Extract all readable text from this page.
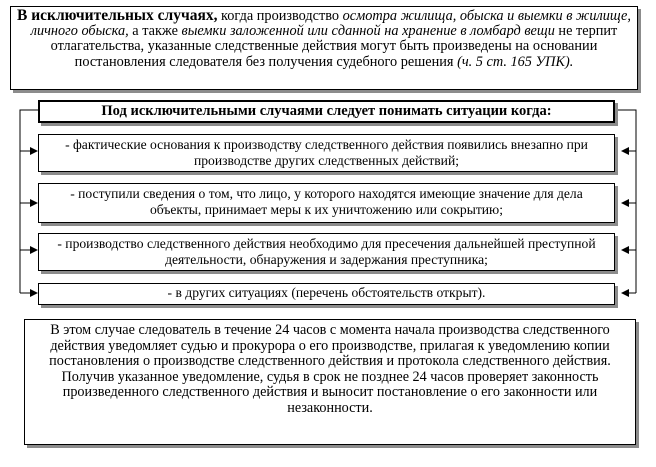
В исключительных случаях, когда производство осмотра жилища, обыска и выемки в жилище, личного обыска, а также выемки заложенной или сданной на хранение в ломбард вещи не терпит отлагательства, указанные следственные действия могут быть произведены на основании постановления следователя без получения судебного решения (ч. 5 ст. 165 УПК).
Под исключительными случаями следует понимать ситуации когда:
- фактические основания к производству следственного действия появились внезапно при производстве других следственных действий;
- поступили сведения о том, что лицо, у которого находятся имеющие значение для дела объекты, принимает меры к их уничтожению или сокрытию;
- производство следственного действия необходимо для пресечения дальнейшей преступной деятельности, обнаружения и задержания преступника;
- в других ситуациях (перечень обстоятельств открыт).
В этом случае следователь в течение 24 часов с момента начала производства следственного действия уведомляет судью и прокурора о его производстве, прилагая к уведомлению копии постановления о производстве следственного действия и протокола следственного действия.
Получив указанное уведомление, судья в срок не позднее 24 часов проверяет законность произведенного следственного действия и выносит постановление о его законности или незаконности.
